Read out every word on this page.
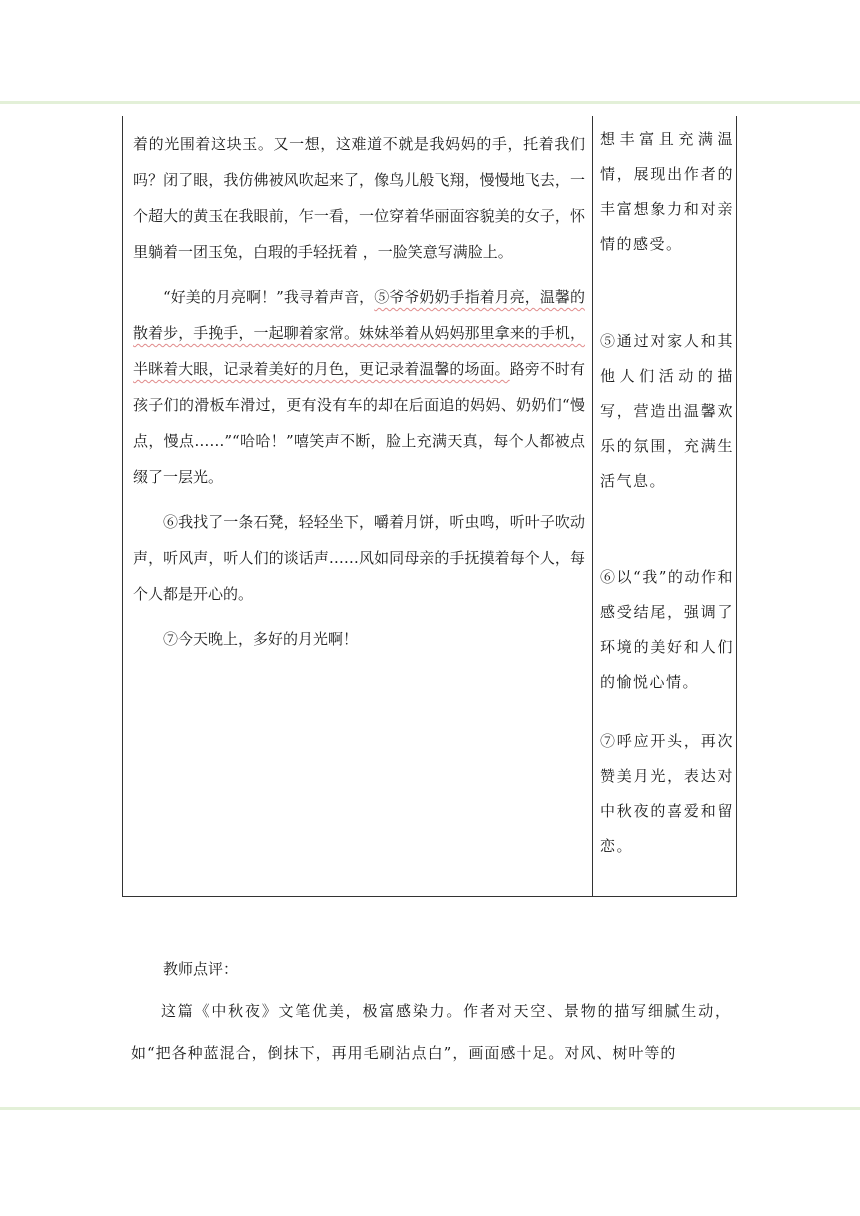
着的光围着这块玉。又一想，这难道不就是我妈妈的手，托着我们吗？闭了眼，我仿佛被风吹起来了，像鸟儿般飞翔，慢慢地飞去，一个超大的黄玉在我眼前，乍一看，一位穿着华丽面容貌美的女子，怀里躺着一团玉兔，白瑕的手轻抚着 ，一脸笑意写满脸上。

“好美的月亮啊！”我寻着声音，⑤爷爷奶奶手指着月亮，温馨的散着步，手挽手，一起聊着家常。妹妹举着从妈妈那里拿来的手机，半眯着大眼，记录着美好的月色，更记录着温馨的场面。路旁不时有孩子们的滑板车滑过，更有没有车的却在后面追的妈妈、奶奶们“慢点，慢点……”“哈哈！”嘻笑声不断，脸上充满天真，每个人都被点缀了一层光。

⑥我找了一条石凳，轻轻坐下，嚼着月饼，听虫鸣，听叶子吹动声，听风声，听人们的谈话声……风如同母亲的手抚摸着每个人，每个人都是开心的。

⑦今天晚上，多好的月光啊！

想丰富且充满温情，展现出作者的丰富想象力和对亲情的感受。
⑤通过对家人和其他人们活动的描写，营造出温馨欢乐的氛围，充满生活气息。
⑥以“我”的动作和感受结尾，强调了环境的美好和人们的愉悦心情。
⑦呼应开头，再次赞美月光，表达对中秋夜的喜爱和留恋。

教师点评：

这篇《中秋夜》文笔优美，极富感染力。作者对天空、景物的描写细腻生动，如“把各种蓝混合，倒抹下，再用毛刷沾点白”，画面感十足。对风、树叶等的
